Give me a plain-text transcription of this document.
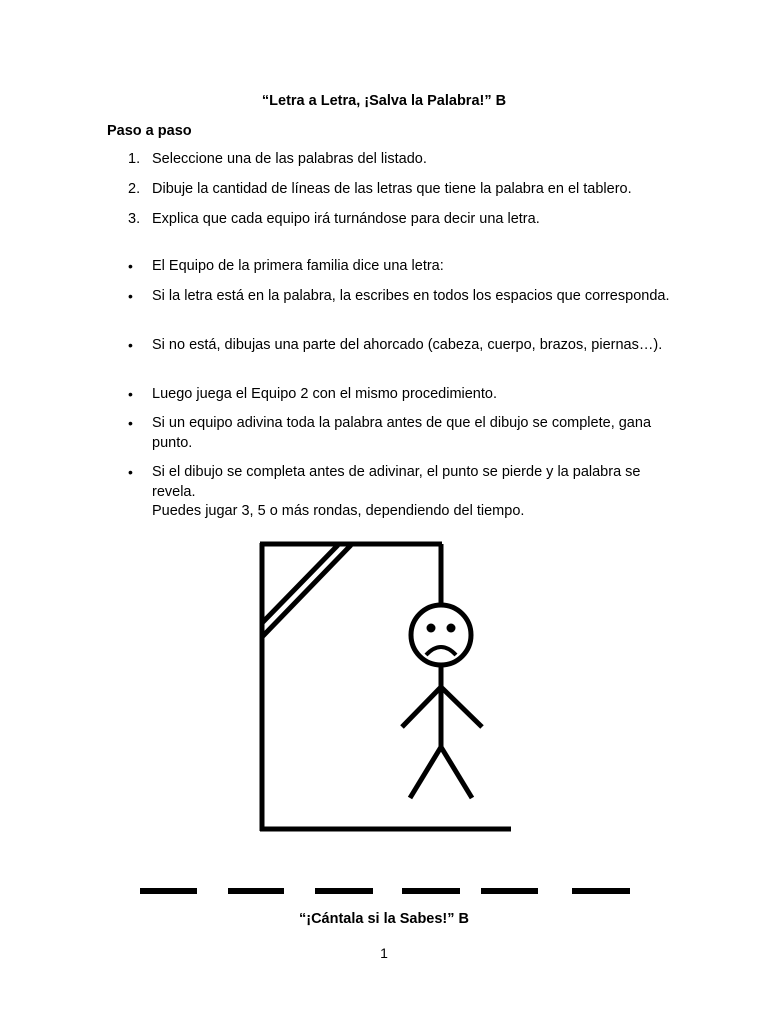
“Letra a Letra, ¡Salva la Palabra!” B
Paso a paso
1. Seleccione una de las palabras del listado.
2. Dibuje la cantidad de líneas de las letras que tiene la palabra en el tablero.
3. Explica que cada equipo irá turnándose para decir una letra.
• El Equipo de la primera familia dice una letra:
• Si la letra está en la palabra, la escribes en todos los espacios que corresponda.
• Si no está, dibujas una parte del ahorcado (cabeza, cuerpo, brazos, piernas…).
• Luego juega el Equipo 2 con el mismo procedimiento.
• Si un equipo adivina toda la palabra antes de que el dibujo se complete, gana punto.
• Si el dibujo se completa antes de adivinar, el punto se pierde y la palabra se revela.
Puedes jugar 3, 5 o más rondas, dependiendo del tiempo.
“¡Cántala si la Sabes!” B
1
